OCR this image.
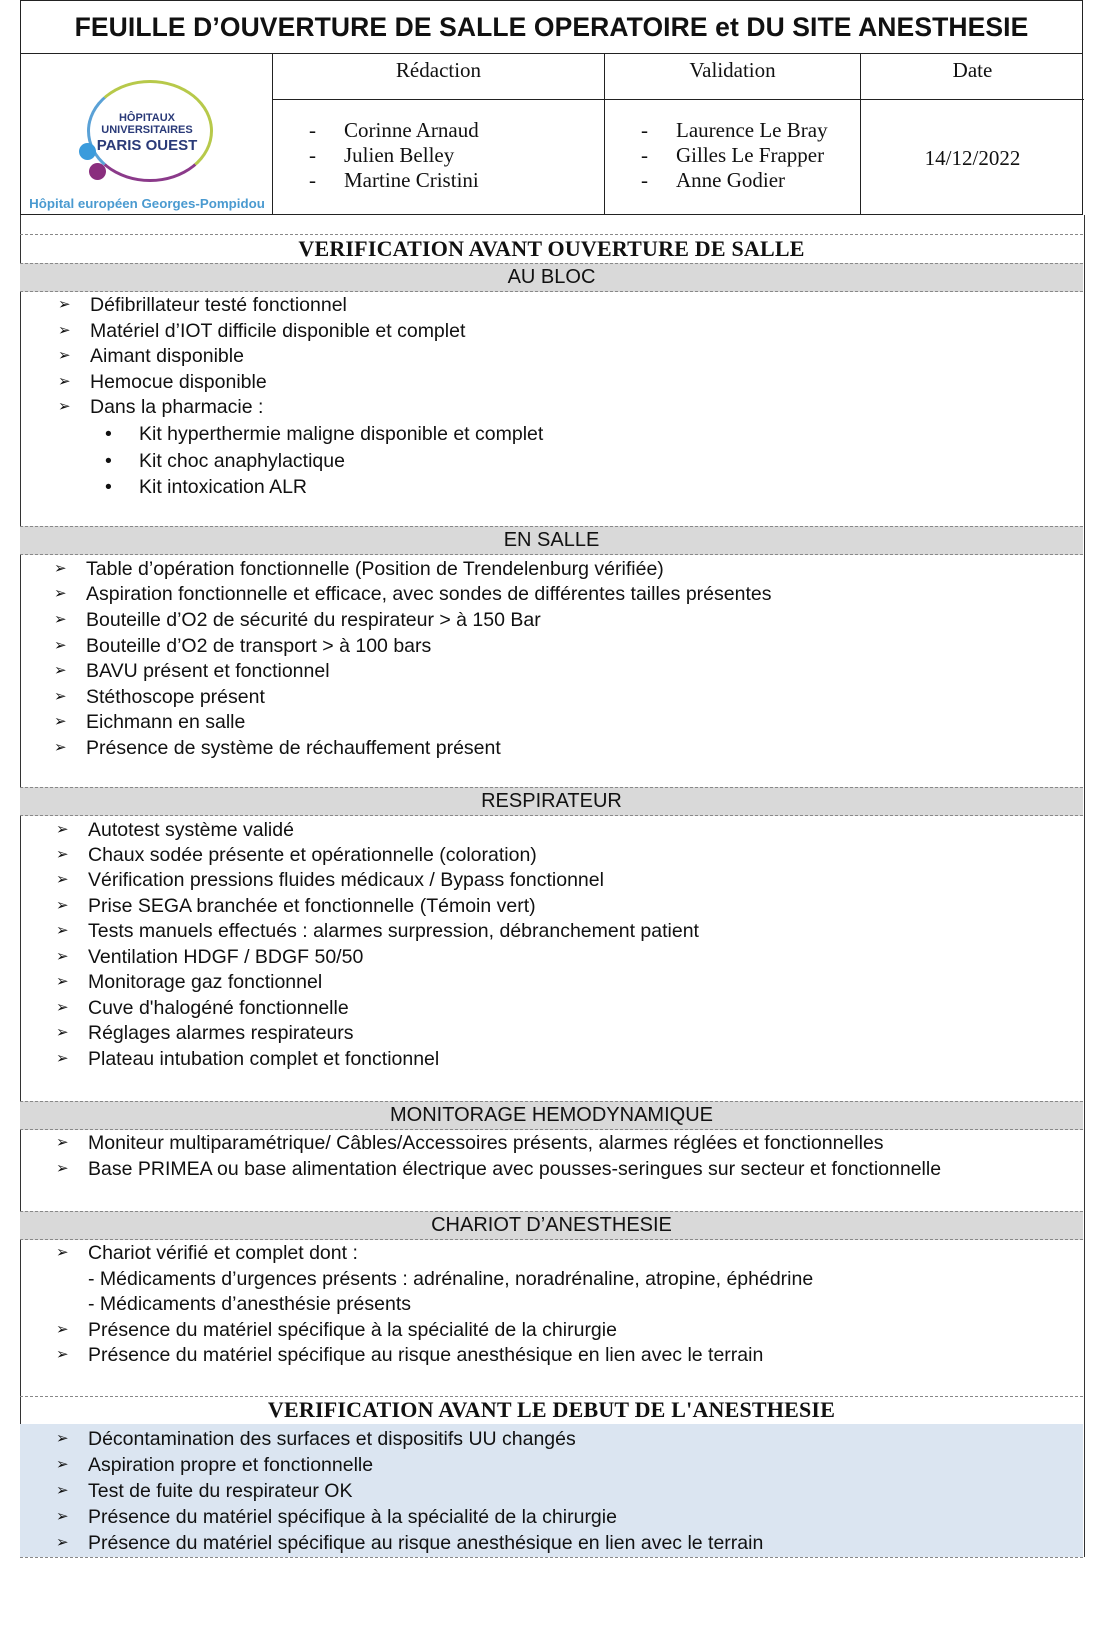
FEUILLE D’OUVERTURE DE SALLE OPERATOIRE et DU SITE ANESTHESIE
HÔPITAUX
UNIVERSITAIRES
PARIS OUEST
Hôpital européen Georges-Pompidou
Rédaction
- Corinne Arnaud
- Julien Belley
- Martine Cristini
Validation
- Laurence Le Bray
- Gilles Le Frapper
- Anne Godier
Date
14/12/2022
VERIFICATION AVANT OUVERTURE DE SALLE
AU BLOC
➢ Défibrillateur testé fonctionnel
➢ Matériel d’IOT difficile disponible et complet
➢ Aimant disponible
➢ Hemocue disponible
➢ Dans la pharmacie :
• Kit hyperthermie maligne disponible et complet
• Kit choc anaphylactique
• Kit intoxication ALR
EN SALLE
➢ Table d’opération fonctionnelle (Position de Trendelenburg vérifiée)
➢ Aspiration fonctionnelle et efficace, avec sondes de différentes tailles présentes
➢ Bouteille d’O2 de sécurité du respirateur > à 150 Bar
➢ Bouteille d’O2 de transport > à 100 bars
➢ BAVU présent et fonctionnel
➢ Stéthoscope présent
➢ Eichmann en salle
➢ Présence de système de réchauffement présent
RESPIRATEUR
➢ Autotest système validé
➢ Chaux sodée présente et opérationnelle (coloration)
➢ Vérification pressions fluides médicaux / Bypass fonctionnel
➢ Prise SEGA branchée et fonctionnelle (Témoin vert)
➢ Tests manuels effectués : alarmes surpression, débranchement patient
➢ Ventilation HDGF / BDGF 50/50
➢ Monitorage gaz fonctionnel
➢ Cuve d'halogéné fonctionnelle
➢ Réglages alarmes respirateurs
➢ Plateau intubation complet et fonctionnel
MONITORAGE HEMODYNAMIQUE
➢ Moniteur multiparamétrique/ Câbles/Accessoires présents, alarmes réglées et fonctionnelles
➢ Base PRIMEA ou base alimentation électrique avec pousses-seringues sur secteur et fonctionnelle
CHARIOT D’ANESTHESIE
➢ Chariot vérifié et complet dont :
- Médicaments d’urgences présents : adrénaline, noradrénaline, atropine, éphédrine
- Médicaments d’anesthésie présents
➢ Présence du matériel spécifique à la spécialité de la chirurgie
➢ Présence du matériel spécifique au risque anesthésique en lien avec le terrain
VERIFICATION AVANT LE DEBUT DE L'ANESTHESIE
➢ Décontamination des surfaces et dispositifs UU changés
➢ Aspiration propre et fonctionnelle
➢ Test de fuite du respirateur OK
➢ Présence du matériel spécifique à la spécialité de la chirurgie
➢ Présence du matériel spécifique au risque anesthésique en lien avec le terrain
